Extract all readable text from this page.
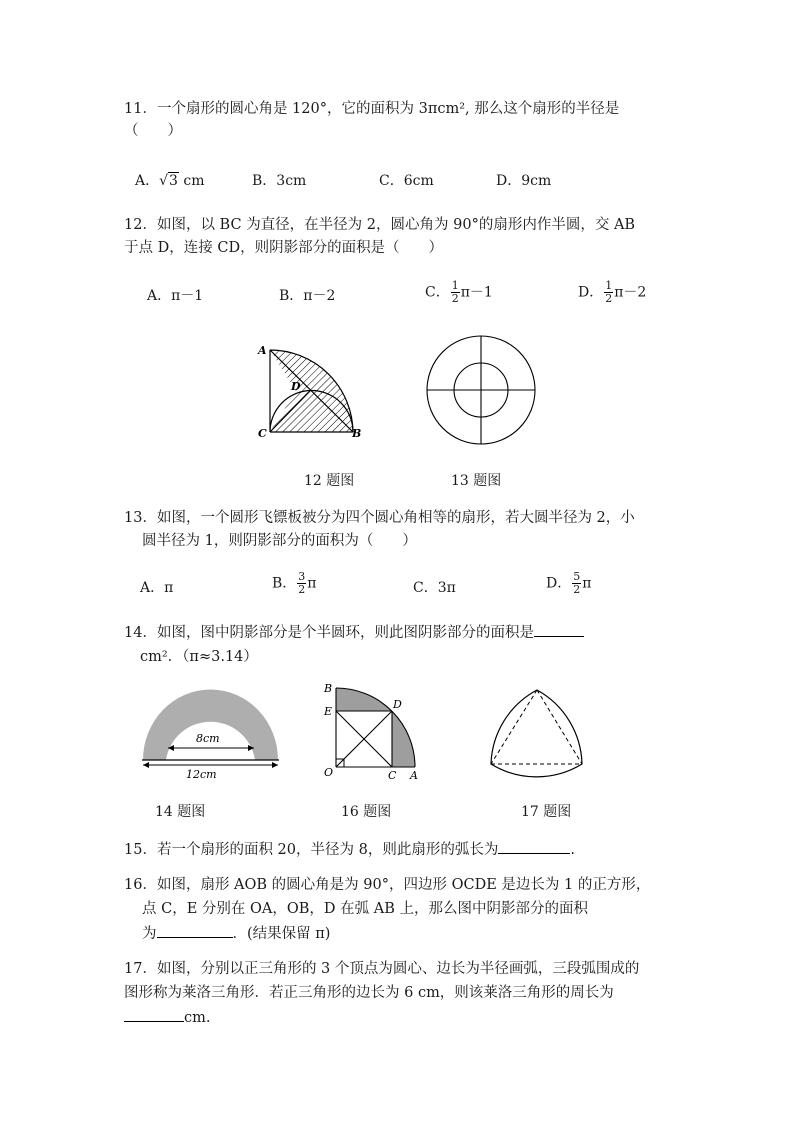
11．一个扇形的圆心角是 120°，它的面积为 3πcm², 那么这个扇形的半径是
（　　）
A．√3 cm	B．3cm	C．6cm	D．9cm
12．如图，以 BC 为直径，在半径为 2，圆心角为 90°的扇形内作半圆，交 AB
于点 D，连接 CD，则阴影部分的面积是（　　）
A．π－1	B．π－2	C． $\frac{1}{2} \pi-1$	D． $\frac{1}{2} \pi-2$
A
D
C	B
12 题图	13 题图
13．如图，一个圆形飞镖板被分为四个圆心角相等的扇形，若大圆半径为 2，小
圆半径为 1，则阴影部分的面积为（　　）
A．π	B． $\frac{3}{2}$ π	C．3π	D． $\frac{5}{2}$ π
14．如图，图中阴影部分是个半圆环，则此图阴影部分的面积是
cm²．（π≈3.14）
8cm
12cm
14 题图
B
E
D
O	C A
16 题图	17 题图
15．若一个扇形的面积 20，半径为 8，则此扇形的弧长为	.
16．如图，扇形 AOB 的圆心角是为 90°，四边形 OCDE 是边长为 1 的正方形，
点 C，E 分别在 OA，OB，D 在弧 AB 上，那么图中阴影部分的面积
为	．(结果保留 π)
17．如图，分别以正三角形的 3 个顶点为圆心、边长为半径画弧，三段弧围成的
图形称为莱洛三角形．若正三角形的边长为 6 cm，则该莱洛三角形的周长为
cm.
